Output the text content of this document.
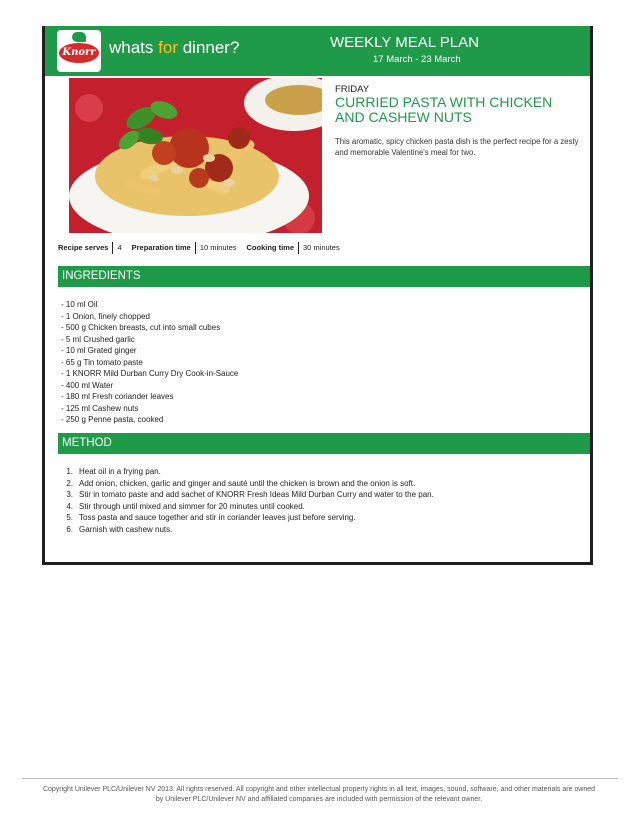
Knorr whats for dinner?	WEEKLY MEAL PLAN
17 March - 23 March
FRIDAY
CURRIED PASTA WITH CHICKEN AND CASHEW NUTS
This aromatic, spicy chicken pasta dish is the perfect recipe for a zesty and memorable Valentine's meal for two.
Recipe serves 4 Preparation time 10 minutes Cooking time 30 minutes
INGREDIENTS
- 10 ml Oil
- 1 Onion, finely chopped
- 500 g Chicken breasts, cut into small cubes
- 5 ml Crushed garlic
- 10 ml Grated ginger
- 65 g Tin tomato paste
- 1 KNORR Mild Durban Curry Dry Cook-in-Sauce
- 400 ml Water
- 180 ml Fresh coriander leaves
- 125 ml Cashew nuts
- 250 g Penne pasta, cooked
METHOD
1. Heat oil in a frying pan.
2. Add onion, chicken, garlic and ginger and sauté until the chicken is brown and the onion is soft.
3. Stir in tomato paste and add sachet of KNORR Fresh Ideas Mild Durban Curry and water to the pan.
4. Stir through until mixed and simmer for 20 minutes until cooked.
5. Toss pasta and sauce together and stir in coriander leaves just before serving.
6. Garnish with cashew nuts.
Copyright Unilever PLC/Unilever NV 2013. All rights reserved. All copyright and other intellectual property rights in all text, images, sound, software, and other materials are owned
by Unilever PLC/Unilever NV and affiliated companies are included with permission of the relevant owner.
